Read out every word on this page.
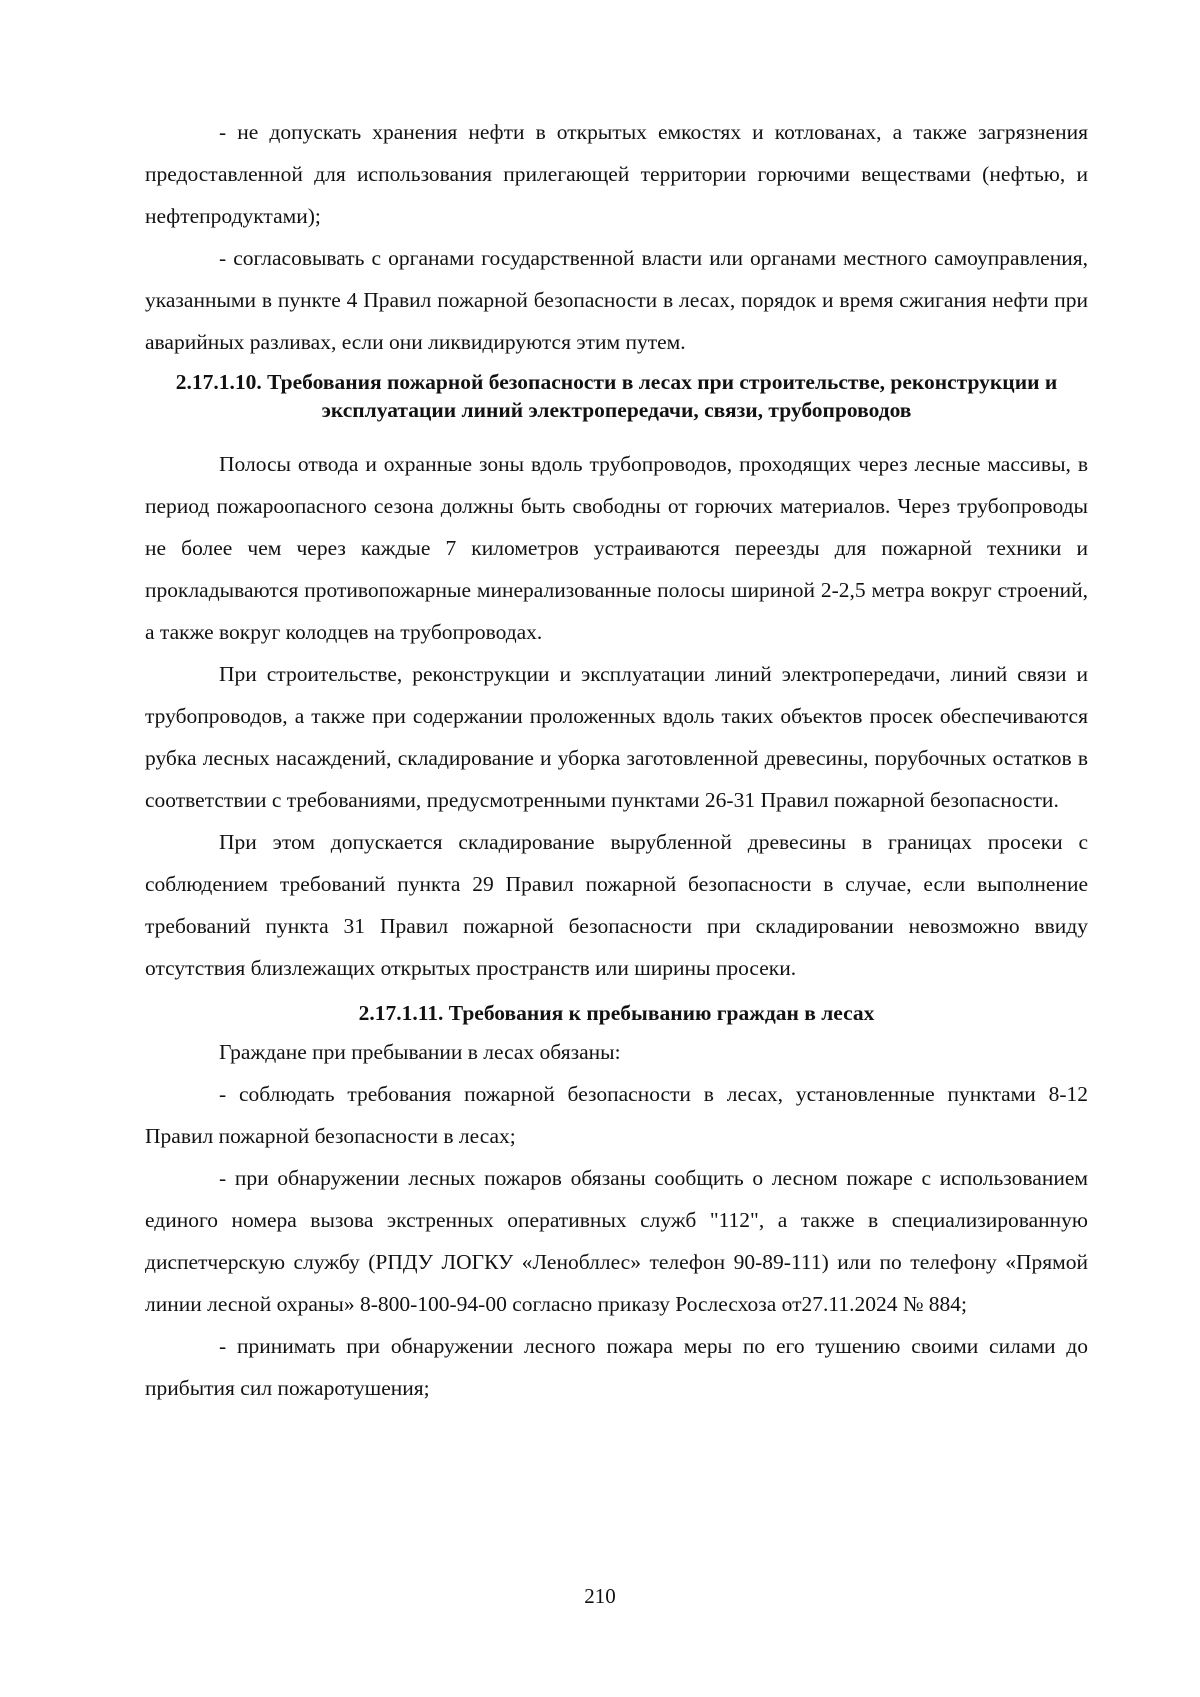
- не допускать хранения нефти в открытых емкостях и котлованах, а также загрязнения предоставленной для использования прилегающей территории горючими веществами (нефтью, и нефтепродуктами);

- согласовывать с органами государственной власти или органами местного самоуправления, указанными в пункте 4 Правил пожарной безопасности в лесах, порядок и время сжигания нефти при аварийных разливах, если они ликвидируются этим путем.

2.17.1.10. Требования пожарной безопасности в лесах при строительстве, реконструкции и эксплуатации линий электропередачи, связи, трубопроводов

Полосы отвода и охранные зоны вдоль трубопроводов, проходящих через лесные массивы, в период пожароопасного сезона должны быть свободны от горючих материалов. Через трубопроводы не более чем через каждые 7 километров устраиваются переезды для пожарной техники и прокладываются противопожарные минерализованные полосы шириной 2-2,5 метра вокруг строений, а также вокруг колодцев на трубопроводах.

При строительстве, реконструкции и эксплуатации линий электропередачи, линий связи и трубопроводов, а также при содержании проложенных вдоль таких объектов просек обеспечиваются рубка лесных насаждений, складирование и уборка заготовленной древесины, порубочных остатков в соответствии с требованиями, предусмотренными пунктами 26-31 Правил пожарной безопасности.

При этом допускается складирование вырубленной древесины в границах просеки с соблюдением требований пункта 29 Правил пожарной безопасности в случае, если выполнение требований пункта 31 Правил пожарной безопасности при складировании невозможно ввиду отсутствия близлежащих открытых пространств или ширины просеки.

2.17.1.11. Требования к пребыванию граждан в лесах

Граждане при пребывании в лесах обязаны:

- соблюдать требования пожарной безопасности в лесах, установленные пунктами 8-12 Правил пожарной безопасности в лесах;

- при обнаружении лесных пожаров обязаны сообщить о лесном пожаре с использованием единого номера вызова экстренных оперативных служб "112", а также в специализированную диспетчерскую службу (РПДУ ЛОГКУ «Ленобллес» телефон 90-89-111) или по телефону «Прямой линии лесной охраны» 8-800-100-94-00 согласно приказу Рослесхоза от27.11.2024 № 884;

- принимать при обнаружении лесного пожара меры по его тушению своими силами до прибытия сил пожаротушения;

210
